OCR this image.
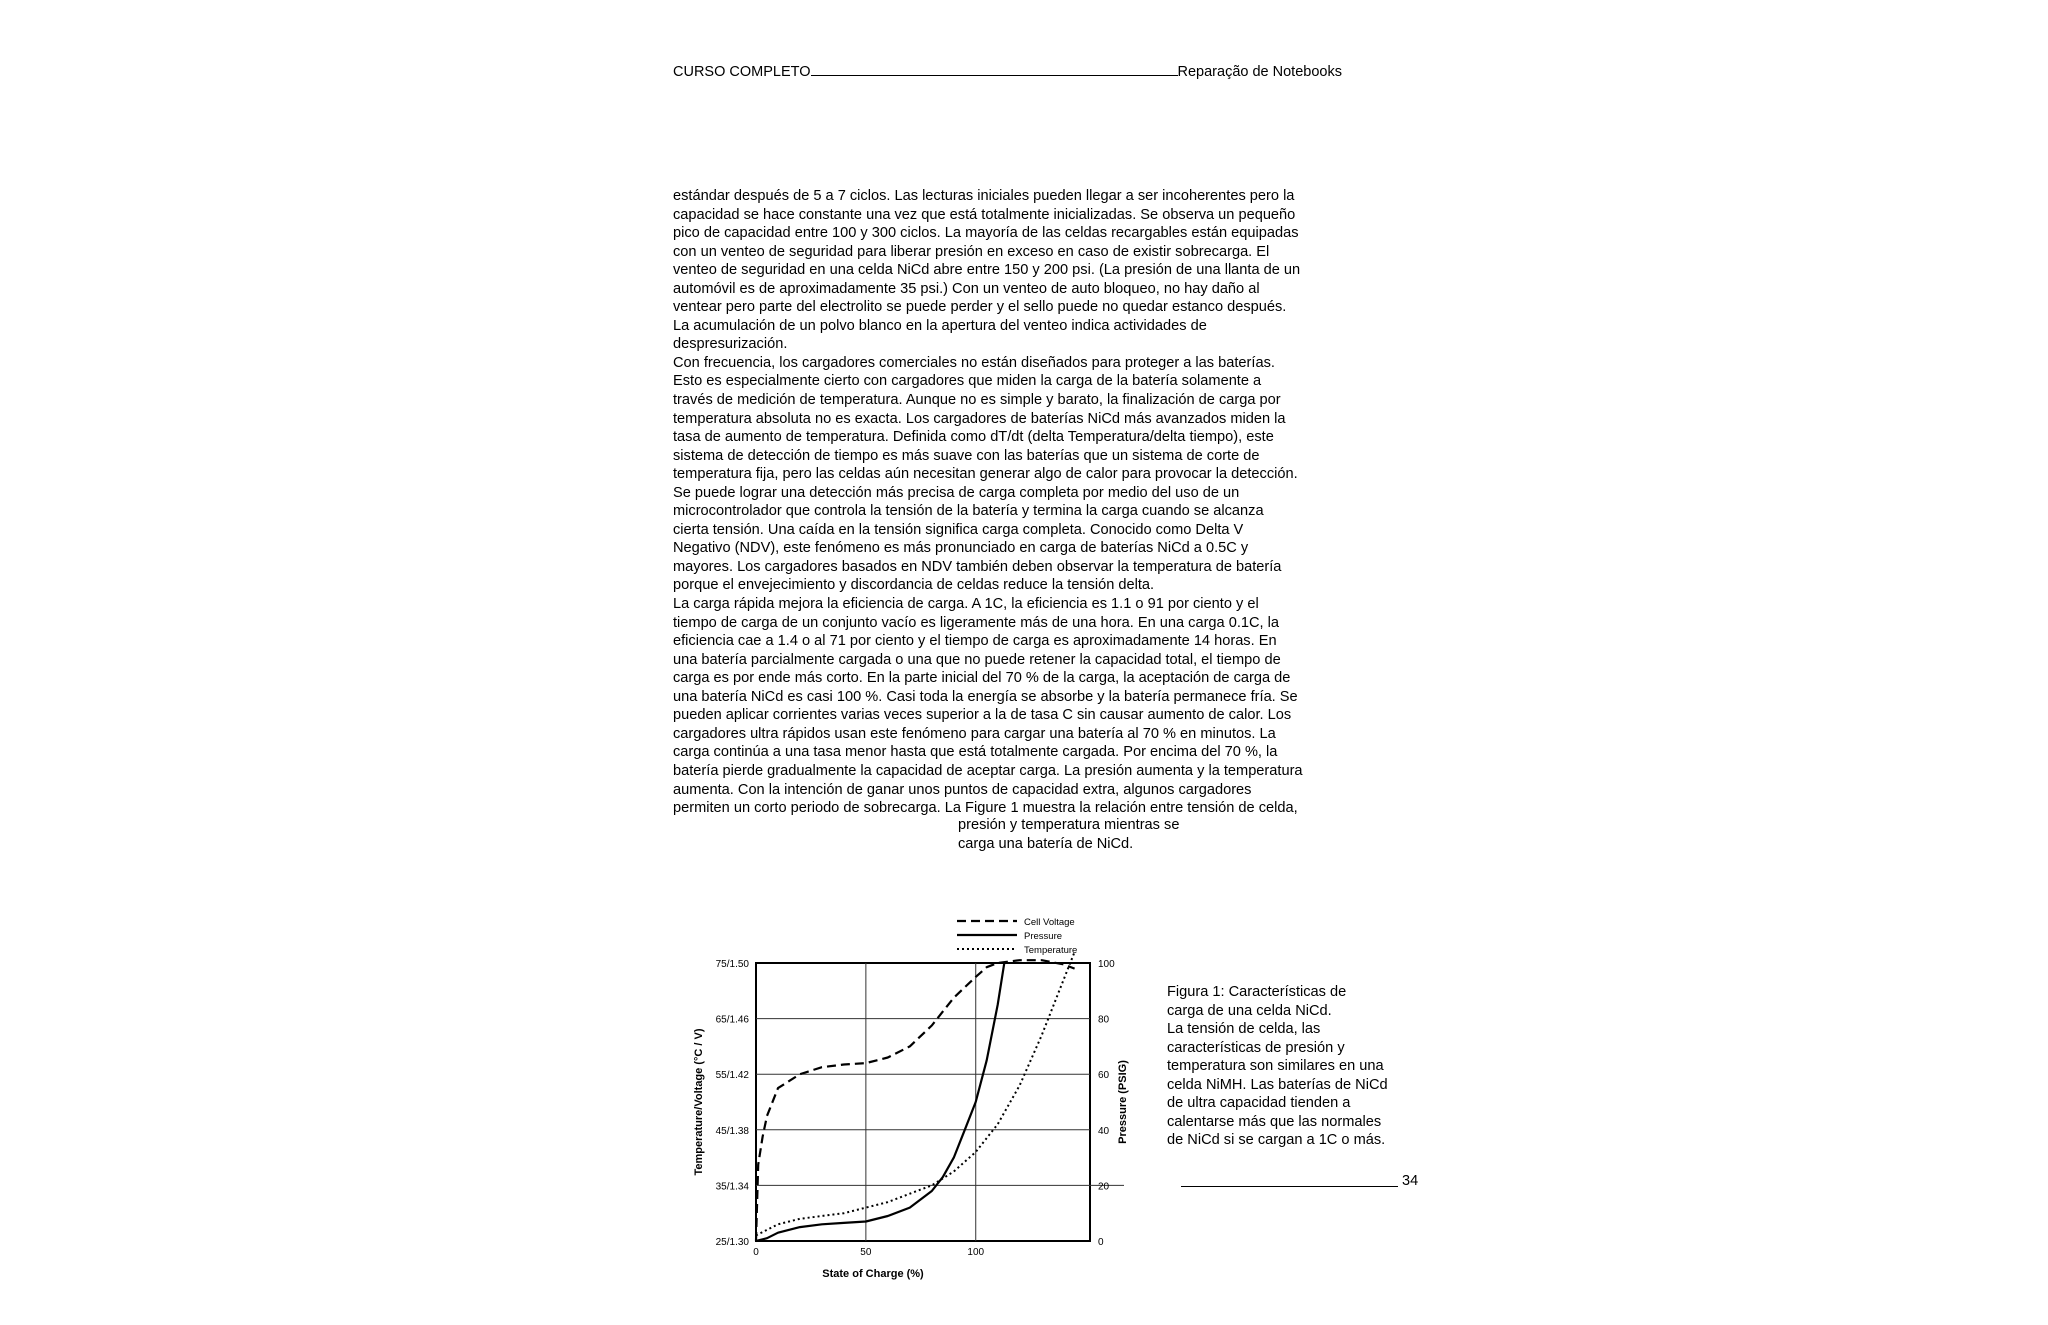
CURSO COMPLETO	Reparação de Notebooks

estándar después de 5 a 7 ciclos. Las lecturas iniciales pueden llegar a ser incoherentes pero la

capacidad se hace constante una vez que está totalmente inicializadas. Se observa un pequeño

pico de capacidad entre 100 y 300 ciclos. La mayoría de las celdas recargables están equipadas

con un venteo de seguridad para liberar presión en exceso en caso de existir sobrecarga. El

venteo de seguridad en una celda NiCd abre entre 150 y 200 psi. (La presión de una llanta de un

automóvil es de aproximadamente 35 psi.) Con un venteo de auto bloqueo, no hay daño al

ventear pero parte del electrolito se puede perder y el sello puede no quedar estanco después.

La acumulación de un polvo blanco en la apertura del venteo indica actividades de

despresurización.

Con frecuencia, los cargadores comerciales no están diseñados para proteger a las baterías.

Esto es especialmente cierto con cargadores que miden la carga de la batería solamente a

través de medición de temperatura. Aunque no es simple y barato, la finalización de carga por

temperatura absoluta no es exacta. Los cargadores de baterías NiCd más avanzados miden la

tasa de aumento de temperatura. Definida como dT/dt (delta Temperatura/delta tiempo), este

sistema de detección de tiempo es más suave con las baterías que un sistema de corte de

temperatura fija, pero las celdas aún necesitan generar algo de calor para provocar la detección.

Se puede lograr una detección más precisa de carga completa por medio del uso de un

microcontrolador que controla la tensión de la batería y termina la carga cuando se alcanza

cierta tensión. Una caída en la tensión significa carga completa. Conocido como Delta V

Negativo (NDV), este fenómeno es más pronunciado en carga de baterías NiCd a 0.5C y

mayores. Los cargadores basados en NDV también deben observar la temperatura de batería

porque el envejecimiento y discordancia de celdas reduce la tensión delta.

La carga rápida mejora la eficiencia de carga. A 1C, la eficiencia es 1.1 o 91 por ciento y el

tiempo de carga de un conjunto vacío es ligeramente más de una hora. En una carga 0.1C, la

eficiencia cae a 1.4 o al 71 por ciento y el tiempo de carga es aproximadamente 14 horas. En

una batería parcialmente cargada o una que no puede retener la capacidad total, el tiempo de

carga es por ende más corto. En la parte inicial del 70 % de la carga, la aceptación de carga de

una batería NiCd es casi 100 %. Casi toda la energía se absorbe y la batería permanece fría. Se

pueden aplicar corrientes varias veces superior a la de tasa C sin causar aumento de calor. Los

cargadores ultra rápidos usan este fenómeno para cargar una batería al 70 % en minutos. La

carga continúa a una tasa menor hasta que está totalmente cargada. Por encima del 70 %, la

batería pierde gradualmente la capacidad de aceptar carga. La presión aumenta y la temperatura

aumenta. Con la intención de ganar unos puntos de capacidad extra, algunos cargadores

permiten un corto periodo de sobrecarga. La Figure 1 muestra la relación entre tensión de celda,

presión y temperatura mientras se

carga una batería de NiCd.

25/1.30
35/1.34
45/1.38
55/1.42
65/1.46
75/1.50
0
20
40
60
80
100
0	50	100
State of Charge (%)
Temperature/Voltage (°C / V)	Pressure (PSIG)
Cell Voltage
Pressure
Temperature

Figura 1: Características de

carga de una celda NiCd.

La tensión de celda, las

características de presión y

temperatura son similares en una

celda NiMH. Las baterías de NiCd

de ultra capacidad tienden a

calentarse más que las normales

de NiCd si se cargan a 1C o más.

34
